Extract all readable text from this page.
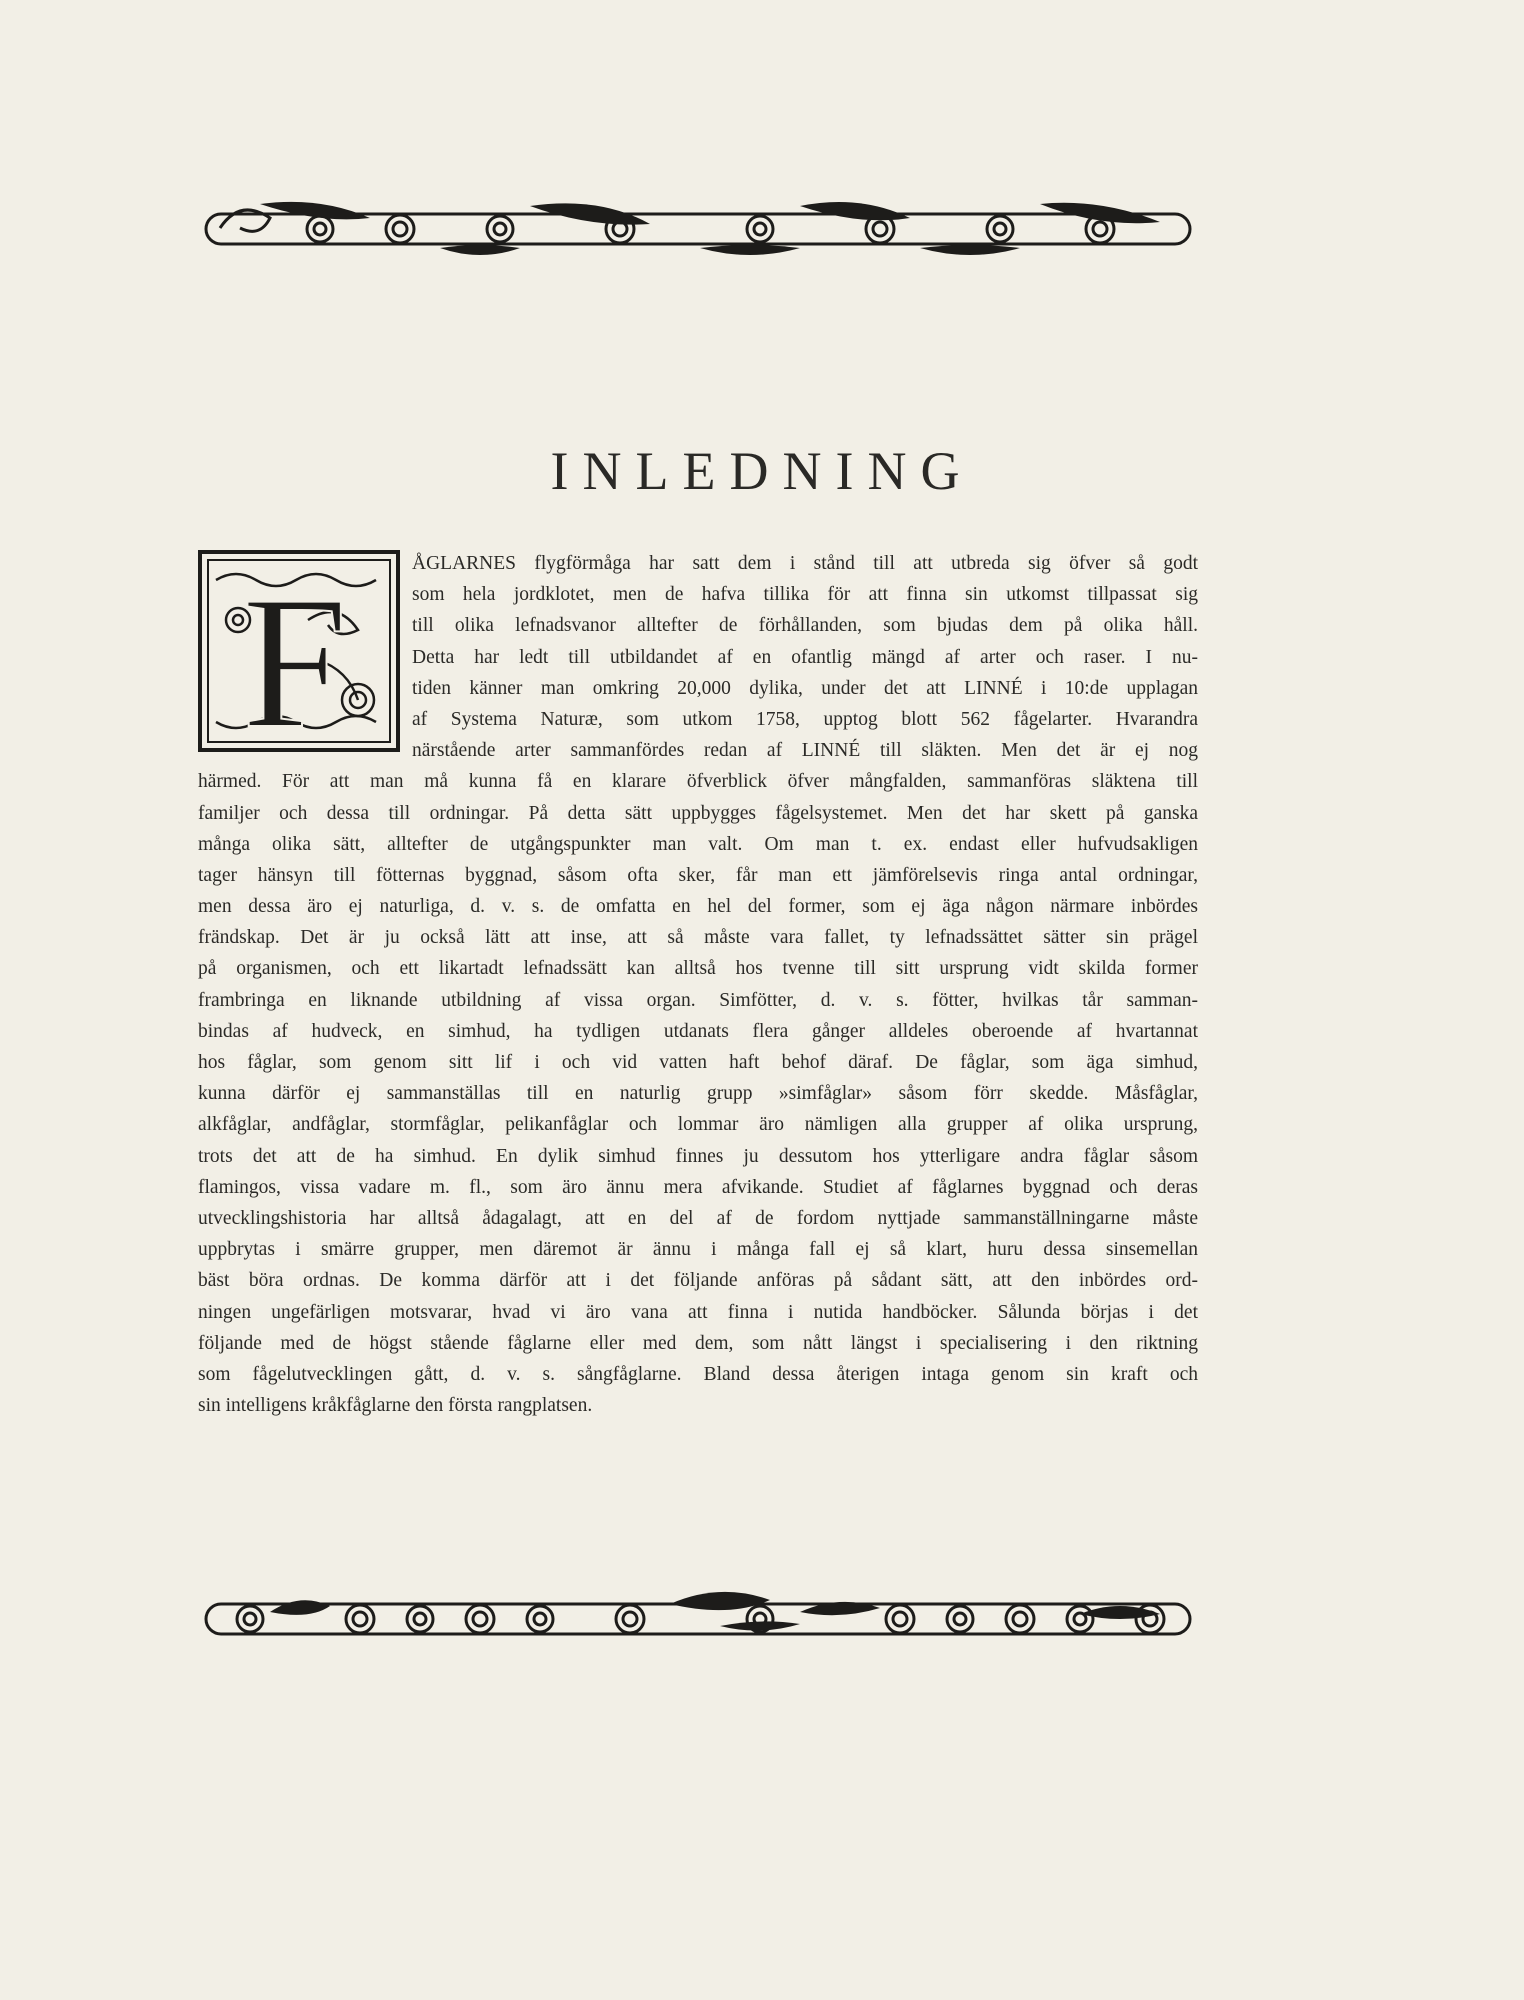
INLEDNING
F	ÅGLARNES flygförmåga har satt dem i stånd till att utbreda sig öfver så godt
som hela jordklotet, men de hafva tillika för att finna sin utkomst tillpassat sig
till olika lefnadsvanor alltefter de förhållanden, som bjudas dem på olika håll.
Detta har ledt till utbildandet af en ofantlig mängd af arter och raser. I nu-
tiden känner man omkring 20,000 dylika, under det att LINNÉ i 10:de upplagan
af Systema Naturæ, som utkom 1758, upptog blott 562 fågelarter. Hvarandra
närstående arter sammanfördes redan af LINNÉ till släkten. Men det är ej nog
härmed. För att man må kunna få en klarare öfverblick öfver mångfalden, sammanföras släktena till
familjer och dessa till ordningar. På detta sätt uppbygges fågelsystemet. Men det har skett på ganska
många olika sätt, alltefter de utgångspunkter man valt. Om man t. ex. endast eller hufvudsakligen
tager hänsyn till fötternas byggnad, såsom ofta sker, får man ett jämförelsevis ringa antal ordningar,
men dessa äro ej naturliga, d. v. s. de omfatta en hel del former, som ej äga någon närmare inbördes
frändskap. Det är ju också lätt att inse, att så måste vara fallet, ty lefnadssättet sätter sin prägel
på organismen, och ett likartadt lefnadssätt kan alltså hos tvenne till sitt ursprung vidt skilda former
frambringa en liknande utbildning af vissa organ. Simfötter, d. v. s. fötter, hvilkas tår samman-
bindas af hudveck, en simhud, ha tydligen utdanats flera gånger alldeles oberoende af hvartannat
hos fåglar, som genom sitt lif i och vid vatten haft behof däraf. De fåglar, som äga simhud,
kunna därför ej sammanställas till en naturlig grupp »simfåglar» såsom förr skedde. Måsfåglar,
alkfåglar, andfåglar, stormfåglar, pelikanfåglar och lommar äro nämligen alla grupper af olika ursprung,
trots det att de ha simhud. En dylik simhud finnes ju dessutom hos ytterligare andra fåglar såsom
flamingos, vissa vadare m. fl., som äro ännu mera afvikande. Studiet af fåglarnes byggnad och deras
utvecklingshistoria har alltså ådagalagt, att en del af de fordom nyttjade sammanställningarne måste
uppbrytas i smärre grupper, men däremot är ännu i många fall ej så klart, huru dessa sinsemellan
bäst böra ordnas. De komma därför att i det följande anföras på sådant sätt, att den inbördes ord-
ningen ungefärligen motsvarar, hvad vi äro vana att finna i nutida handböcker. Sålunda börjas i det
följande med de högst stående fåglarne eller med dem, som nått längst i specialisering i den riktning
som fågelutvecklingen gått, d. v. s. sångfåglarne. Bland dessa återigen intaga genom sin kraft och
sin intelligens kråkfåglarne den första rangplatsen.
